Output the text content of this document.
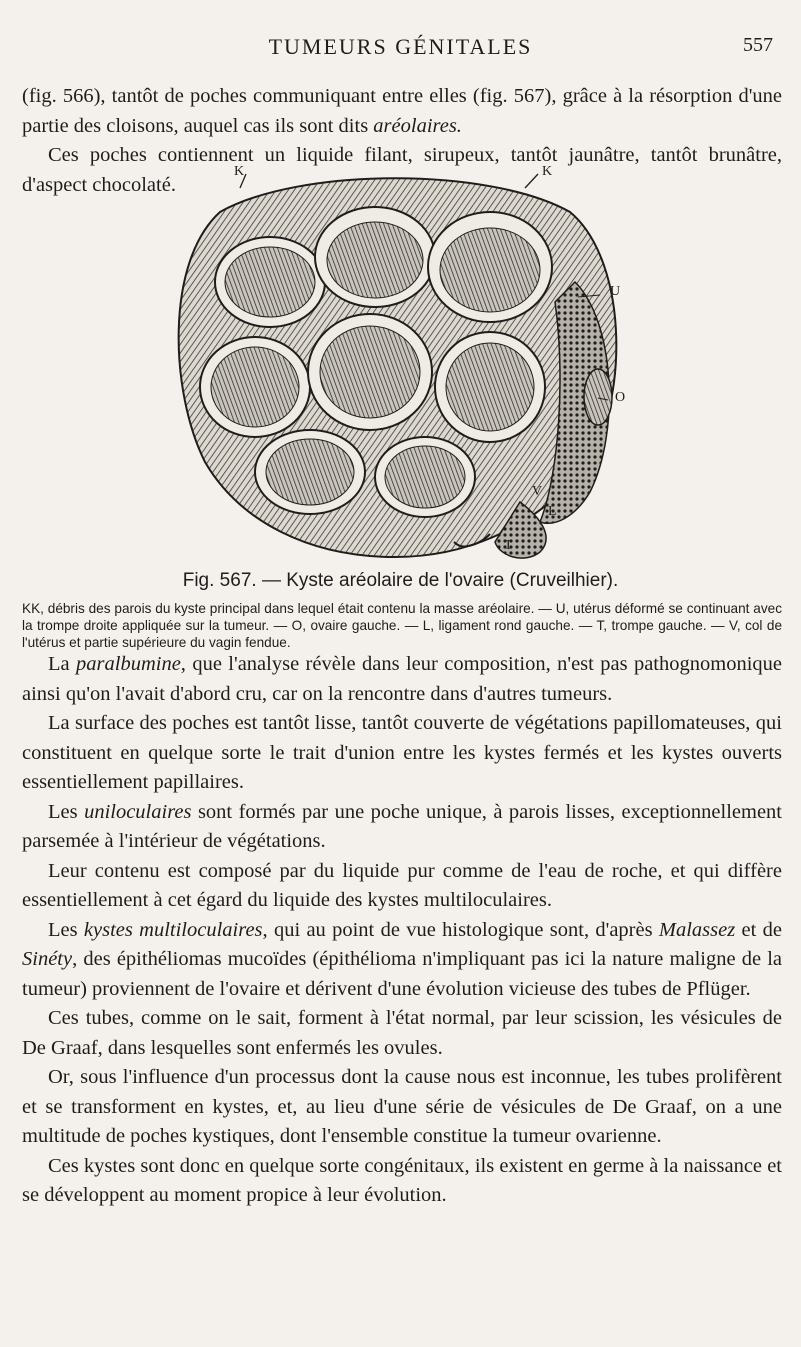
TUMEURS GÉNITALES	557

(fig. 566), tantôt de poches communiquant entre elles (fig. 567), grâce à la résorption d'une partie des cloisons, auquel cas ils sont dits aréolaires.

Ces poches contiennent un liquide filant, sirupeux, tantôt jaunâtre, tantôt brunâtre, d'aspect chocolaté.

K	K
U
O
V
L
T
Fig. 567. — Kyste aréolaire de l'ovaire (Cruveilhier).
KK, débris des parois du kyste principal dans lequel était contenu la masse aréolaire. — U, utérus déformé se continuant avec la trompe droite appliquée sur la tumeur. — O, ovaire gauche. — L, ligament rond gauche. — T, trompe gauche. — V, col de l'utérus et partie supérieure du vagin fendue.

La paralbumine, que l'analyse révèle dans leur composition, n'est pas pathognomonique ainsi qu'on l'avait d'abord cru, car on la rencontre dans d'autres tumeurs.

La surface des poches est tantôt lisse, tantôt couverte de végétations papillomateuses, qui constituent en quelque sorte le trait d'union entre les kystes fermés et les kystes ouverts essentiellement papillaires.

Les uniloculaires sont formés par une poche unique, à parois lisses, exceptionnellement parsemée à l'intérieur de végétations.

Leur contenu est composé par du liquide pur comme de l'eau de roche, et qui diffère essentiellement à cet égard du liquide des kystes multiloculaires.

Les kystes multiloculaires, qui au point de vue histologique sont, d'après Malassez et de Sinéty, des épithéliomas mucoïdes (épithélioma n'impliquant pas ici la nature maligne de la tumeur) proviennent de l'ovaire et dérivent d'une évolution vicieuse des tubes de Pflüger.

Ces tubes, comme on le sait, forment à l'état normal, par leur scission, les vésicules de De Graaf, dans lesquelles sont enfermés les ovules.

Or, sous l'influence d'un processus dont la cause nous est inconnue, les tubes prolifèrent et se transforment en kystes, et, au lieu d'une série de vésicules de De Graaf, on a une multitude de poches kystiques, dont l'ensemble constitue la tumeur ovarienne.

Ces kystes sont donc en quelque sorte congénitaux, ils existent en germe à la naissance et se développent au moment propice à leur évolution.
